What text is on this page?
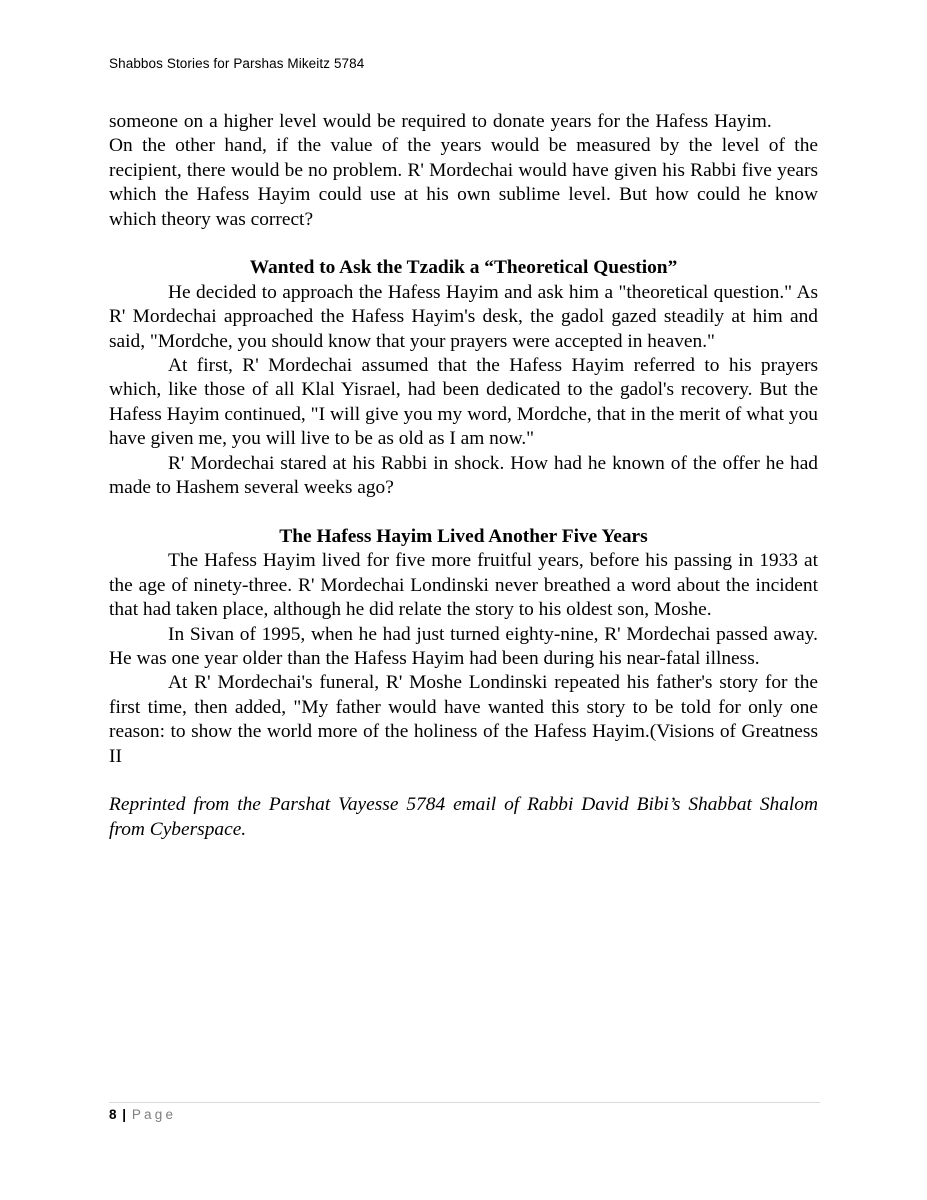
Shabbos Stories for Parshas Mikeitz 5784

someone on a higher level would be required to donate years for the Hafess Hayim.         On the other hand, if the value of the years would be measured by the level of the recipient, there would be no problem. R' Mordechai would have given his Rabbi five years which the Hafess Hayim could use at his own sublime level. But how could he know which theory was correct?

Wanted to Ask the Tzadik a “Theoretical Question”

He decided to approach the Hafess Hayim and ask him a "theoretical question." As R' Mordechai approached the Hafess Hayim's desk, the gadol gazed steadily at him and said, "Mordche, you should know that your prayers were accepted in heaven."

At first, R' Mordechai assumed that the Hafess Hayim referred to his prayers which, like those of all Klal Yisrael, had been dedicated to the gadol's recovery. But the Hafess Hayim continued, "I will give you my word, Mordche, that in the merit of what you have given me, you will live to be as old as I am now."

R' Mordechai stared at his Rabbi in shock. How had he known of the offer he had made to Hashem several weeks ago?

The Hafess Hayim Lived Another Five Years

The Hafess Hayim lived for five more fruitful years, before his passing in 1933 at the age of ninety-three. R' Mordechai Londinski never breathed a word about the incident that had taken place, although he did relate the story to his oldest son, Moshe.

In Sivan of 1995, when he had just turned eighty-nine, R' Mordechai passed away. He was one year older than the Hafess Hayim had been during his near-fatal illness.

At R' Mordechai's funeral, R' Moshe Londinski repeated his father's story for the first time, then added, "My father would have wanted this story to be told for only one reason: to show the world more of the holiness of the Hafess Hayim.(Visions of Greatness II

Reprinted from the Parshat Vayesse 5784 email of Rabbi David Bibi’s Shabbat Shalom from Cyberspace.

8 | Page
